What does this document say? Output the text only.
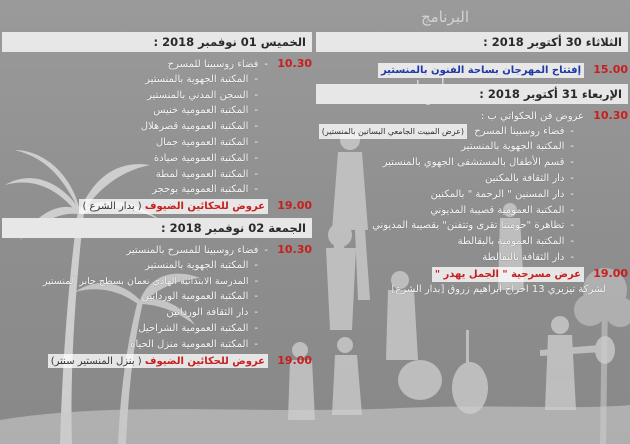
البرنامج
الثلاثاء 30 أكتوبر 2018 :
15.00 إفتتاح المهرجان بساحة الفنون بالمنستير
الإربعاء 31 أكتوبر 2018 :
10.30 عروض فن الحكواتي ب :
-فضاء روسبينا المسرح (عرض المبيت الجامعي البساتين بالمنستير)
-المكتبة الجهوية بالمنستير
-قسم الأطفال بالمستشفى الجهوي بالمنستير
-دار الثقافة بالمكنين
-دار المسنين " الرحمة " بالمكنين
-المكتبة العمومية قصيبة المديوني
-تظاهرة "حومتنا تقرى وتتفنن" بقصيبة المديوني
-المكتبة العمومية بالبقالطة
-دار الثقافة بالبقالطة
19.00 عرض مسرحية " الجمل يهدر "
لشركة تيزيري 13 اخراج ابراهيم زروق [بدار الشرع]
الخميس 01 نوفمبر 2018 :
10.30 -فضاء روسبينا للمسرح
-المكتبة الجهوية بالمنستير
-السجن المدني بالمنستير
-المكتبة العمومية خنيس
-المكتبة العمومية قصرهلال
-المكتبة العمومية جمال
-المكتبة العمومية صيادة
-المكتبة العمومية لمطة
-المكتبة العمومية بوحجر
19.00 عروض للحكائين الضيوف ( بدار الشرع )
الجمعة 02 نوفمبر 2018 :
10.30 -فضاء روسبينا للمسرح بالمنستير
-المكتبة الجهوية بالمنستير
-المدرسة الابتدائية الهادي نعمان بسطح جابر المنستير
-المكتبة العمومية الوردانين
-دار الثقافة الوردانين
-المكتبة العمومية الشراحيل
-المكتبة العمومية منزل الحياة
19.00 عروض للحكائين الضيوف ( بنزل المنستير سنتر)
